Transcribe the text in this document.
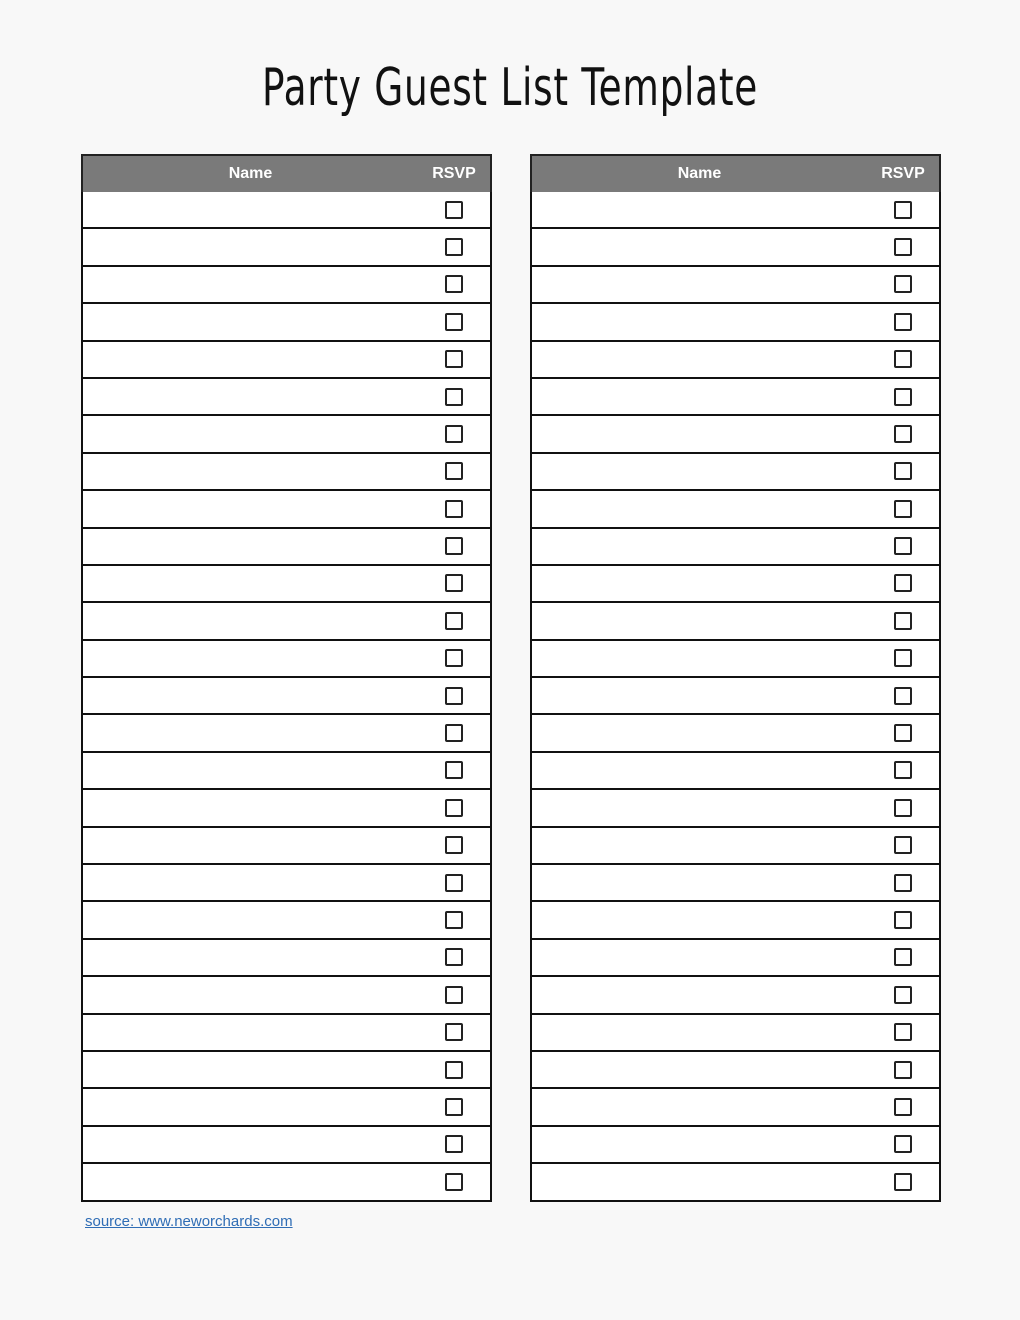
Party Guest List Template
Name	RSVP

		Name	RSVP

source: www.neworchards.com
